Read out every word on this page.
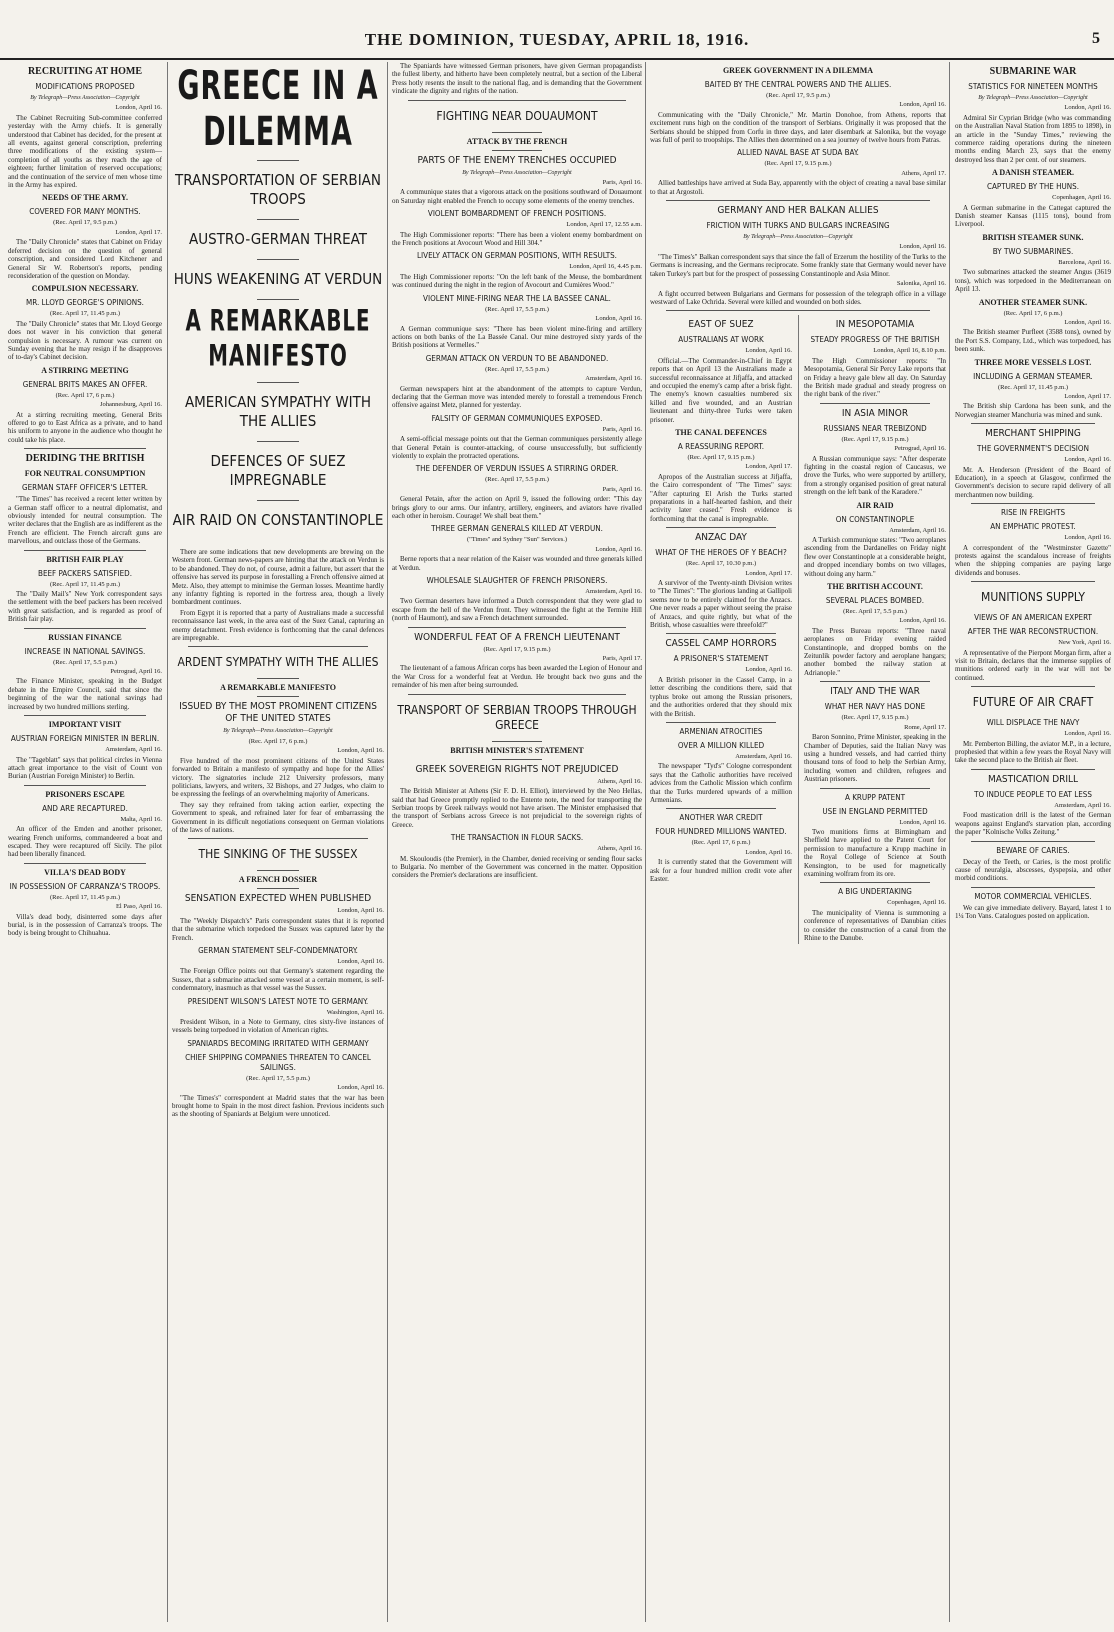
THE DOMINION, TUESDAY, APRIL 18, 1916.	5
RECRUITING AT HOME
MODIFICATIONS PROPOSED
By Telegraph—Press Association—Copyright
London, April 16.

The Cabinet Recruiting Sub-committee conferred yesterday with the Army chiefs. It is generally understood that Cabinet has decided, for the present at all events, against general conscription, preferring three modifications of the existing system—completion of all youths as they reach the age of eighteen; further limitation of reserved occupations; and the continuation of the service of men whose time in the Army has expired.

NEEDS OF THE ARMY.
COVERED FOR MANY MONTHS.
(Rec. April 17, 9.5 p.m.)
London, April 17.

The "Daily Chronicle" states that Cabinet on Friday deferred decision on the question of general conscription, and considered Lord Kitchener and General Sir W. Robertson's reports, pending reconsideration of the question on Monday.

COMPULSION NECESSARY.
MR. LLOYD GEORGE'S OPINIONS.
(Rec. April 17, 11.45 p.m.)

The "Daily Chronicle" states that Mr. Lloyd George does not waver in his conviction that general compulsion is necessary. A rumour was current on Sunday evening that he may resign if he disapproves of to-day's Cabinet decision.

A STIRRING MEETING
GENERAL BRITS MAKES AN OFFER.
(Rec. April 17, 6 p.m.)
Johannesburg, April 16.

At a stirring recruiting meeting, General Brits offered to go to East Africa as a private, and to hand his uniform to anyone in the audience who thought he could take his place.

DERIDING THE BRITISH
FOR NEUTRAL CONSUMPTION
GERMAN STAFF OFFICER'S LETTER.

"The Times" has received a recent letter written by a German staff officer to a neutral diplomatist, and obviously intended for neutral consumption. The writer declares that the English are as indifferent as the French are efficient. The French aircraft guns are marvellous, and outclass those of the Germans.

BRITISH FAIR PLAY
BEEF PACKERS SATISFIED.
(Rec. April 17, 11.45 p.m.)

The "Daily Mail's" New York correspondent says the settlement with the beef packers has been received with great satisfaction, and is regarded as proof of British fair play.

RUSSIAN FINANCE
INCREASE IN NATIONAL SAVINGS.
(Rec. April 17, 5.5 p.m.)
Petrograd, April 16.

The Finance Minister, speaking in the Budget debate in the Empire Council, said that since the beginning of the war the national savings had increased by two hundred millions sterling.

IMPORTANT VISIT
AUSTRIAN FOREIGN MINISTER IN BERLIN.
Amsterdam, April 16.

The "Tageblatt" says that political circles in Vienna attach great importance to the visit of Count von Burian (Austrian Foreign Minister) to Berlin.

PRISONERS ESCAPE
AND ARE RECAPTURED.
Malta, April 16.

An officer of the Emden and another prisoner, wearing French uniforms, commandeered a boat and escaped. They were recaptured off Sicily. The pilot had been liberally financed.

VILLA'S DEAD BODY
IN POSSESSION OF CARRANZA'S TROOPS.
(Rec. April 17, 11.45 p.m.)
El Paso, April 16.

Villa's dead body, disinterred some days after burial, is in the possession of Carranza's troops. The body is being brought to Chihuahua.

GREECE IN A DILEMMA
TRANSPORTATION OF SERBIAN TROOPS
AUSTRO-GERMAN THREAT
HUNS WEAKENING AT VERDUN
A REMARKABLE MANIFESTO
AMERICAN SYMPATHY WITH THE ALLIES
DEFENCES OF SUEZ IMPREGNABLE
AIR RAID ON CONSTANTINOPLE

There are some indications that new developments are brewing on the Western front. German news-papers are hinting that the attack on Verdun is to be abandoned. They do not, of course, admit a failure, but assert that the offensive has served its purpose in forestalling a French offensive aimed at Metz. Also, they attempt to minimise the German losses. Meantime hardly any infantry fighting is reported in the fortress area, though a lively bombardment continues.

From Egypt it is reported that a party of Australians made a successful reconnaissance last week, in the area east of the Suez Canal, capturing an enemy detachment. Fresh evidence is forthcoming that the canal defences are impregnable.

ARDENT SYMPATHY WITH THE ALLIES
A REMARKABLE MANIFESTO
ISSUED BY THE MOST PROMINENT CITIZENS OF THE UNITED STATES
By Telegraph—Press Association—Copyright
(Rec. April 17, 6 p.m.)
London, April 16.

Five hundred of the most prominent citizens of the United States forwarded to Britain a manifesto of sympathy and hope for the Allies' victory. The signatories include 212 University professors, many politicians, lawyers, and writers, 32 Bishops, and 27 Judges, who claim to be expressing the feelings of an overwhelming majority of Americans.

They say they refrained from taking action earlier, expecting the Government to speak, and refrained later for fear of embarrassing the Government in its difficult negotiations consequent on German violations of the laws of nations.

THE SINKING OF THE SUSSEX
A FRENCH DOSSIER
SENSATION EXPECTED WHEN PUBLISHED
London, April 16.

The "Weekly Dispatch's" Paris correspondent states that it is reported that the submarine which torpedoed the Sussex was captured later by the French.

GERMAN STATEMENT SELF-CONDEMNATORY.
London, April 16.

The Foreign Office points out that Germany's statement regarding the Sussex, that a submarine attacked some vessel at a certain moment, is self-condemnatory, inasmuch as that vessel was the Sussex.

PRESIDENT WILSON'S LATEST NOTE TO GERMANY.
Washington, April 16.

President Wilson, in a Note to Germany, cites sixty-five instances of vessels being torpedoed in violation of American rights.

SPANIARDS BECOMING IRRITATED WITH GERMANY
CHIEF SHIPPING COMPANIES THREATEN TO CANCEL SAILINGS.
(Rec. April 17, 5.5 p.m.)
London, April 16.

"The Times's" correspondent at Madrid states that the war has been brought home to Spain in the most direct fashion. Previous incidents such as the shooting of Spaniards at Belgium were unnoticed.

The Spaniards have witnessed German prisoners, have given German propagandists the fullest liberty, and hitherto have been completely neutral, but a section of the Liberal Press hotly resents the insult to the national flag, and is demanding that the Government vindicate the dignity and rights of the nation.

FIGHTING NEAR DOUAUMONT
ATTACK BY THE FRENCH
PARTS OF THE ENEMY TRENCHES OCCUPIED
By Telegraph—Press Association—Copyright
Paris, April 16.

A communique states that a vigorous attack on the positions southward of Douaumont on Saturday night enabled the French to occupy some elements of the enemy trenches.

VIOLENT BOMBARDMENT OF FRENCH POSITIONS.
London, April 17, 12.55 a.m.

The High Commissioner reports: "There has been a violent enemy bombardment on the French positions at Avocourt Wood and Hill 304."

LIVELY ATTACK ON GERMAN POSITIONS, WITH RESULTS.
London, April 16, 4.45 p.m.

The High Commissioner reports: "On the left bank of the Meuse, the bombardment was continued during the night in the region of Avocourt and Cumières Wood."

VIOLENT MINE-FIRING NEAR THE LA BASSEE CANAL.
(Rec. April 17, 5.5 p.m.)
London, April 16.

A German communique says: "There has been violent mine-firing and artillery actions on both banks of the La Bassée Canal. Our mine destroyed sixty yards of the British positions at Vermelles."

GERMAN ATTACK ON VERDUN TO BE ABANDONED.
(Rec. April 17, 5.5 p.m.)
Amsterdam, April 16.

German newspapers hint at the abandonment of the attempts to capture Verdun, declaring that the German move was intended merely to forestall a tremendous French offensive against Metz, planned for yesterday.

FALSITY OF GERMAN COMMUNIQUES EXPOSED.
Paris, April 16.

A semi-official message points out that the German communiques persistently allege that General Petain is counter-attacking, of course unsuccessfully, but sufficiently violently to explain the protracted operations.

THE DEFENDER OF VERDUN ISSUES A STIRRING ORDER.
(Rec. April 17, 5.5 p.m.)
Paris, April 16.

General Petain, after the action on April 9, issued the following order: "This day brings glory to our arms. Our infantry, artillery, engineers, and aviators have rivalled each other in heroism. Courage! We shall beat them."

THREE GERMAN GENERALS KILLED AT VERDUN.
("Times" and Sydney "Sun" Services.)
London, April 16.

Berne reports that a near relation of the Kaiser was wounded and three generals killed at Verdun.

WHOLESALE SLAUGHTER OF FRENCH PRISONERS.
Amsterdam, April 16.

Two German deserters have informed a Dutch correspondent that they were glad to escape from the hell of the Verdun front. They witnessed the fight at the Termite Hill (north of Haumont), and saw a French detachment surrounded.

WONDERFUL FEAT OF A FRENCH LIEUTENANT
(Rec. April 17, 9.15 p.m.)
Paris, April 17.

The lieutenant of a famous African corps has been awarded the Legion of Honour and the War Cross for a wonderful feat at Verdun. He brought back two guns and the remainder of his men after being surrounded.

TRANSPORT OF SERBIAN TROOPS THROUGH GREECE
BRITISH MINISTER'S STATEMENT
GREEK SOVEREIGN RIGHTS NOT PREJUDICED
Athens, April 16.

The British Minister at Athens (Sir F. D. H. Elliot), interviewed by the Neo Hellas, said that had Greece promptly replied to the Entente note, the need for transporting the Serbian troops by Greek railways would not have arisen. The Minister emphasised that the transport of Serbians across Greece is not prejudicial to the sovereign rights of Greece.

THE TRANSACTION IN FLOUR SACKS.
Athens, April 16.

M. Skouloudis (the Premier), in the Chamber, denied receiving or sending flour sacks to Bulgaria. No member of the Government was concerned in the matter. Opposition considers the Premier's declarations are insufficient.

GREEK GOVERNMENT IN A DILEMMA
BAITED BY THE CENTRAL POWERS AND THE ALLIES.
(Rec. April 17, 9.5 p.m.)
London, April 16.

Communicating with the "Daily Chronicle," Mr. Martin Donohoe, from Athens, reports that excitement runs high on the condition of the transport of Serbians. Originally it was proposed that the Serbians should be shipped from Corfu in three days, and later disembark at Salonika, but the voyage was full of peril to troopships. The Allies then determined on a sea journey of twelve hours from Patras.

ALLIED NAVAL BASE AT SUDA BAY.
(Rec. April 17, 9.15 p.m.)
Athens, April 17.

Allied battleships have arrived at Suda Bay, apparently with the object of creating a naval base similar to that at Argostoli.

GERMANY AND HER BALKAN ALLIES
FRICTION WITH TURKS AND BULGARS INCREASING
By Telegraph—Press Association—Copyright
London, April 16.

"The Times's" Balkan correspondent says that since the fall of Erzerum the hostility of the Turks to the Germans is increasing, and the Germans reciprocate. Some frankly state that Germany would never have taken Turkey's part but for the prospect of possessing Constantinople and Asia Minor.

Salonika, April 16.

A fight occurred between Bulgarians and Germans for possession of the telegraph office in a village westward of Lake Ochrida. Several were killed and wounded on both sides.

EAST OF SUEZ
AUSTRALIANS AT WORK
London, April 16.

Official.—The Commander-in-Chief in Egypt reports that on April 13 the Australians made a successful reconnaissance at Jifjaffa, and attacked and occupied the enemy's camp after a brisk fight. The enemy's known casualties numbered six killed and five wounded, and an Austrian lieutenant and thirty-three Turks were taken prisoner.

THE CANAL DEFENCES
A REASSURING REPORT.
(Rec. April 17, 9.15 p.m.)
London, April 17.

Apropos of the Australian success at Jifjaffa, the Cairo correspondent of "The Times" says: "After capturing El Arish the Turks started preparations in a half-hearted fashion, and their activity later ceased." Fresh evidence is forthcoming that the canal is impregnable.

ANZAC DAY
WHAT OF THE HEROES OF Y BEACH?
(Rec. April 17, 10.30 p.m.)
London, April 17.

A survivor of the Twenty-ninth Division writes to "The Times": "The glorious landing at Gallipoli seems now to be entirely claimed for the Anzacs. One never reads a paper without seeing the praise of Anzacs, and quite rightly, but what of the British, whose casualties were threefold?"

CASSEL CAMP HORRORS
A PRISONER'S STATEMENT
London, April 16.

A British prisoner in the Cassel Camp, in a letter describing the conditions there, said that typhus broke out among the Russian prisoners, and the authorities ordered that they should mix with the British.

ARMENIAN ATROCITIES
OVER A MILLION KILLED
Amsterdam, April 16.

The newspaper "Tyd's" Cologne correspondent says that the Catholic authorities have received advices from the Catholic Mission which confirm that the Turks murdered upwards of a million Armenians.

ANOTHER WAR CREDIT
FOUR HUNDRED MILLIONS WANTED.
(Rec. April 17, 6 p.m.)
London, April 16.

It is currently stated that the Government will ask for a four hundred million credit vote after Easter.

IN MESOPOTAMIA
STEADY PROGRESS OF THE BRITISH
London, April 16, 8.10 p.m.

The High Commissioner reports: "In Mesopotamia, General Sir Percy Lake reports that on Friday a heavy gale blew all day. On Saturday the British made gradual and steady progress on the right bank of the river."

IN ASIA MINOR
RUSSIANS NEAR TREBIZOND
(Rec. April 17, 9.15 p.m.)
Petrograd, April 16.

A Russian communique says: "After desperate fighting in the coastal region of Caucasus, we drove the Turks, who were supported by artillery, from a strongly organised position of great natural strength on the left bank of the Karadere."

AIR RAID
ON CONSTANTINOPLE
Amsterdam, April 16.

A Turkish communique states: "Two aeroplanes ascending from the Dardanelles on Friday night flew over Constantinople at a considerable height, and dropped incendiary bombs on two villages, without doing any harm."

THE BRITISH ACCOUNT.
SEVERAL PLACES BOMBED.
(Rec. April 17, 5.5 p.m.)
London, April 16.

The Press Bureau reports: "Three naval aeroplanes on Friday evening raided Constantinople, and dropped bombs on the Zeitunlik powder factory and aeroplane hangars; another bombed the railway station at Adrianople."

ITALY AND THE WAR
WHAT HER NAVY HAS DONE
(Rec. April 17, 9.15 p.m.)
Rome, April 17.

Baron Sonnino, Prime Minister, speaking in the Chamber of Deputies, said the Italian Navy was using a hundred vessels, and had carried thirty thousand tons of food to help the Serbian Army, including women and children, refugees and Austrian prisoners.

A KRUPP PATENT
USE IN ENGLAND PERMITTED
London, April 16.

Two munitions firms at Birmingham and Sheffield have applied to the Patent Court for permission to manufacture a Krupp machine in the Royal College of Science at South Kensington, to be used for magnetically examining wolfram from its ore.

A BIG UNDERTAKING
Copenhagen, April 16.

The municipality of Vienna is summoning a conference of representatives of Danubian cities to consider the construction of a canal from the Rhine to the Danube.

SUBMARINE WAR
STATISTICS FOR NINETEEN MONTHS
By Telegraph—Press Association—Copyright
London, April 16.

Admiral Sir Cyprian Bridge (who was commanding on the Australian Naval Station from 1895 to 1898), in an article in the "Sunday Times," reviewing the commerce raiding operations during the nineteen months ending March 23, says that the enemy destroyed less than 2 per cent. of our steamers.

A DANISH STEAMER.
CAPTURED BY THE HUNS.
Copenhagen, April 16.

A German submarine in the Cattegat captured the Danish steamer Kansas (1115 tons), bound from Liverpool.

BRITISH STEAMER SUNK.
BY TWO SUBMARINES.
Barcelona, April 16.

Two submarines attacked the steamer Angus (3619 tons), which was torpedoed in the Mediterranean on April 13.

ANOTHER STEAMER SUNK.
(Rec. April 17, 6 p.m.)
London, April 16.

The British steamer Purfleet (3588 tons), owned by the Port S.S. Company, Ltd., which was torpedoed, has been sunk.

THREE MORE VESSELS LOST.
INCLUDING A GERMAN STEAMER.
(Rec. April 17, 11.45 p.m.)
London, April 17.

The British ship Cardona has been sunk, and the Norwegian steamer Manchuria was mined and sunk.

MERCHANT SHIPPING
THE GOVERNMENT'S DECISION
London, April 16.

Mr. A. Henderson (President of the Board of Education), in a speech at Glasgow, confirmed the Government's decision to secure rapid delivery of all merchantmen now building.

RISE IN FREIGHTS
AN EMPHATIC PROTEST.
London, April 16.

A correspondent of the "Westminster Gazette" protests against the scandalous increase of freights when the shipping companies are paying large dividends and bonuses.

MUNITIONS SUPPLY
VIEWS OF AN AMERICAN EXPERT
AFTER THE WAR RECONSTRUCTION.
New York, April 16.

A representative of the Pierpont Morgan firm, after a visit to Britain, declares that the immense supplies of munitions ordered early in the war will not be continued.

FUTURE OF AIR CRAFT
WILL DISPLACE THE NAVY
London, April 16.

Mr. Pemberton Billing, the aviator M.P., in a lecture, prophesied that within a few years the Royal Navy will take the second place to the British air fleet.

MASTICATION DRILL
TO INDUCE PEOPLE TO EAT LESS
Amsterdam, April 16.

Food mastication drill is the latest of the German weapons against England's starvation plan, according the paper "Kolnische Volks Zeitung."

BEWARE OF CARIES.

Decay of the Teeth, or Caries, is the most prolific cause of neuralgia, abscesses, dyspepsia, and other morbid conditions.

MOTOR COMMERCIAL VEHICLES.

We can give immediate delivery. Bayard, latest 1 to 1¼ Ton Vans. Catalogues posted on application.
